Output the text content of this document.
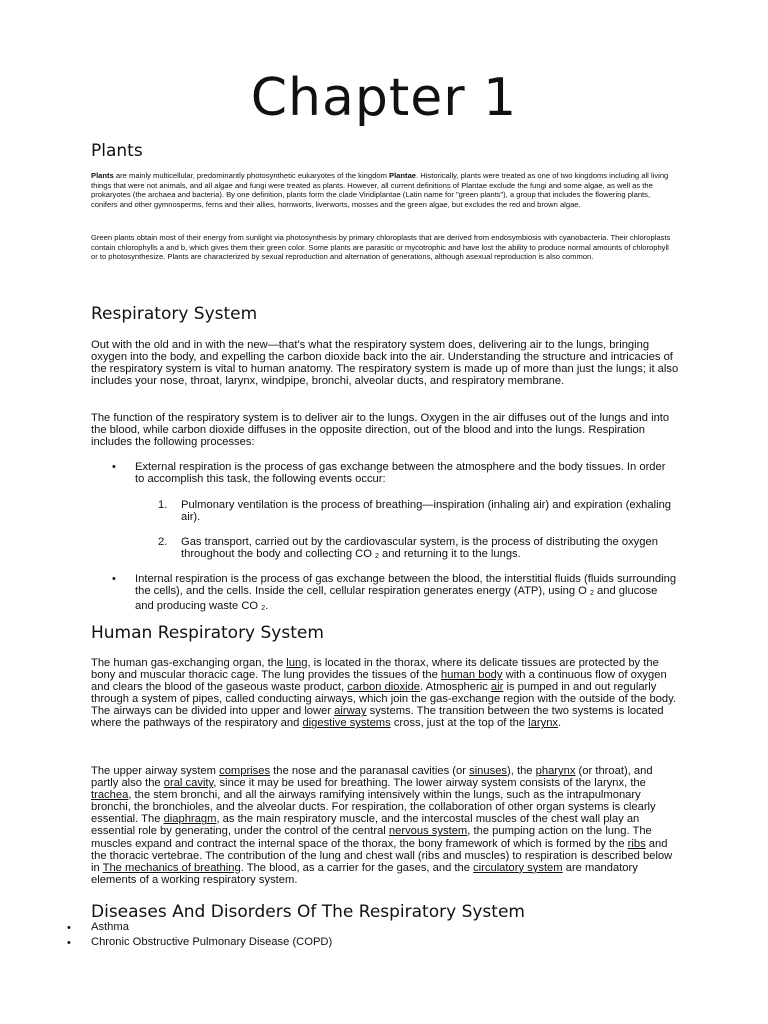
Chapter 1
Plants

Plants are mainly multicellular, predominantly photosynthetic eukaryotes of the kingdom Plantae. Historically, plants were treated as one of two kingdoms including all living things that were not animals, and all algae and fungi were treated as plants. However, all current definitions of Plantae exclude the fungi and some algae, as well as the prokaryotes (the archaea and bacteria). By one definition, plants form the clade Viridiplantae (Latin name for "green plants"), a group that includes the flowering plants, conifers and other gymnosperms, ferns and their allies, hornworts, liverworts, mosses and the green algae, but excludes the red and brown algae.

Green plants obtain most of their energy from sunlight via photosynthesis by primary chloroplasts that are derived from endosymbiosis with cyanobacteria. Their chloroplasts contain chlorophylls a and b, which gives them their green color. Some plants are parasitic or mycotrophic and have lost the ability to produce normal amounts of chlorophyll or to photosynthesize. Plants are characterized by sexual reproduction and alternation of generations, although asexual reproduction is also common.

Respiratory System

Out with the old and in with the new—that's what the respiratory system does, delivering air to the lungs, bringing oxygen into the body, and expelling the carbon dioxide back into the air. Understanding the structure and intricacies of the respiratory system is vital to human anatomy. The respiratory system is made up of more than just the lungs; it also includes your nose, throat, larynx, windpipe, bronchi, alveolar ducts, and respiratory membrane.

The function of the respiratory system is to deliver air to the lungs. Oxygen in the air diffuses out of the lungs and into the blood, while carbon dioxide diffuses in the opposite direction, out of the blood and into the lungs. Respiration includes the following processes:

• External respiration is the process of gas exchange between the atmosphere and the body tissues. In order to accomplish this task, the following events occur:

1. Pulmonary ventilation is the process of breathing—inspiration (inhaling air) and expiration (exhaling air).

2. Gas transport, carried out by the cardiovascular system, is the process of distributing the oxygen throughout the body and collecting CO $_2$ and returning it to the lungs.

• Internal respiration is the process of gas exchange between the blood, the interstitial fluids (fluids surrounding the cells), and the cells. Inside the cell, cellular respiration generates energy (ATP), using O $_2$ and glucose and producing waste CO $_2$.

Human Respiratory System

The human gas-exchanging organ, the lung, is located in the thorax, where its delicate tissues are protected by the bony and muscular thoracic cage. The lung provides the tissues of the human body with a continuous flow of oxygen and clears the blood of the gaseous waste product, carbon dioxide. Atmospheric air is pumped in and out regularly through a system of pipes, called conducting airways, which join the gas-exchange region with the outside of the body. The airways can be divided into upper and lower airway systems. The transition between the two systems is located where the pathways of the respiratory and digestive systems cross, just at the top of the larynx.

The upper airway system comprises the nose and the paranasal cavities (or sinuses), the pharynx (or throat), and partly also the oral cavity, since it may be used for breathing. The lower airway system consists of the larynx, the trachea, the stem bronchi, and all the airways ramifying intensively within the lungs, such as the intrapulmonary bronchi, the bronchioles, and the alveolar ducts. For respiration, the collaboration of other organ systems is clearly essential. The diaphragm, as the main respiratory muscle, and the intercostal muscles of the chest wall play an essential role by generating, under the control of the central nervous system, the pumping action on the lung. The muscles expand and contract the internal space of the thorax, the bony framework of which is formed by the ribs and the thoracic vertebrae. The contribution of the lung and chest wall (ribs and muscles) to respiration is described below in The mechanics of breathing. The blood, as a carrier for the gases, and the circulatory system are mandatory elements of a working respiratory system.

Diseases And Disorders Of The Respiratory System
• Asthma

• Chronic Obstructive Pulmonary Disease (COPD)
